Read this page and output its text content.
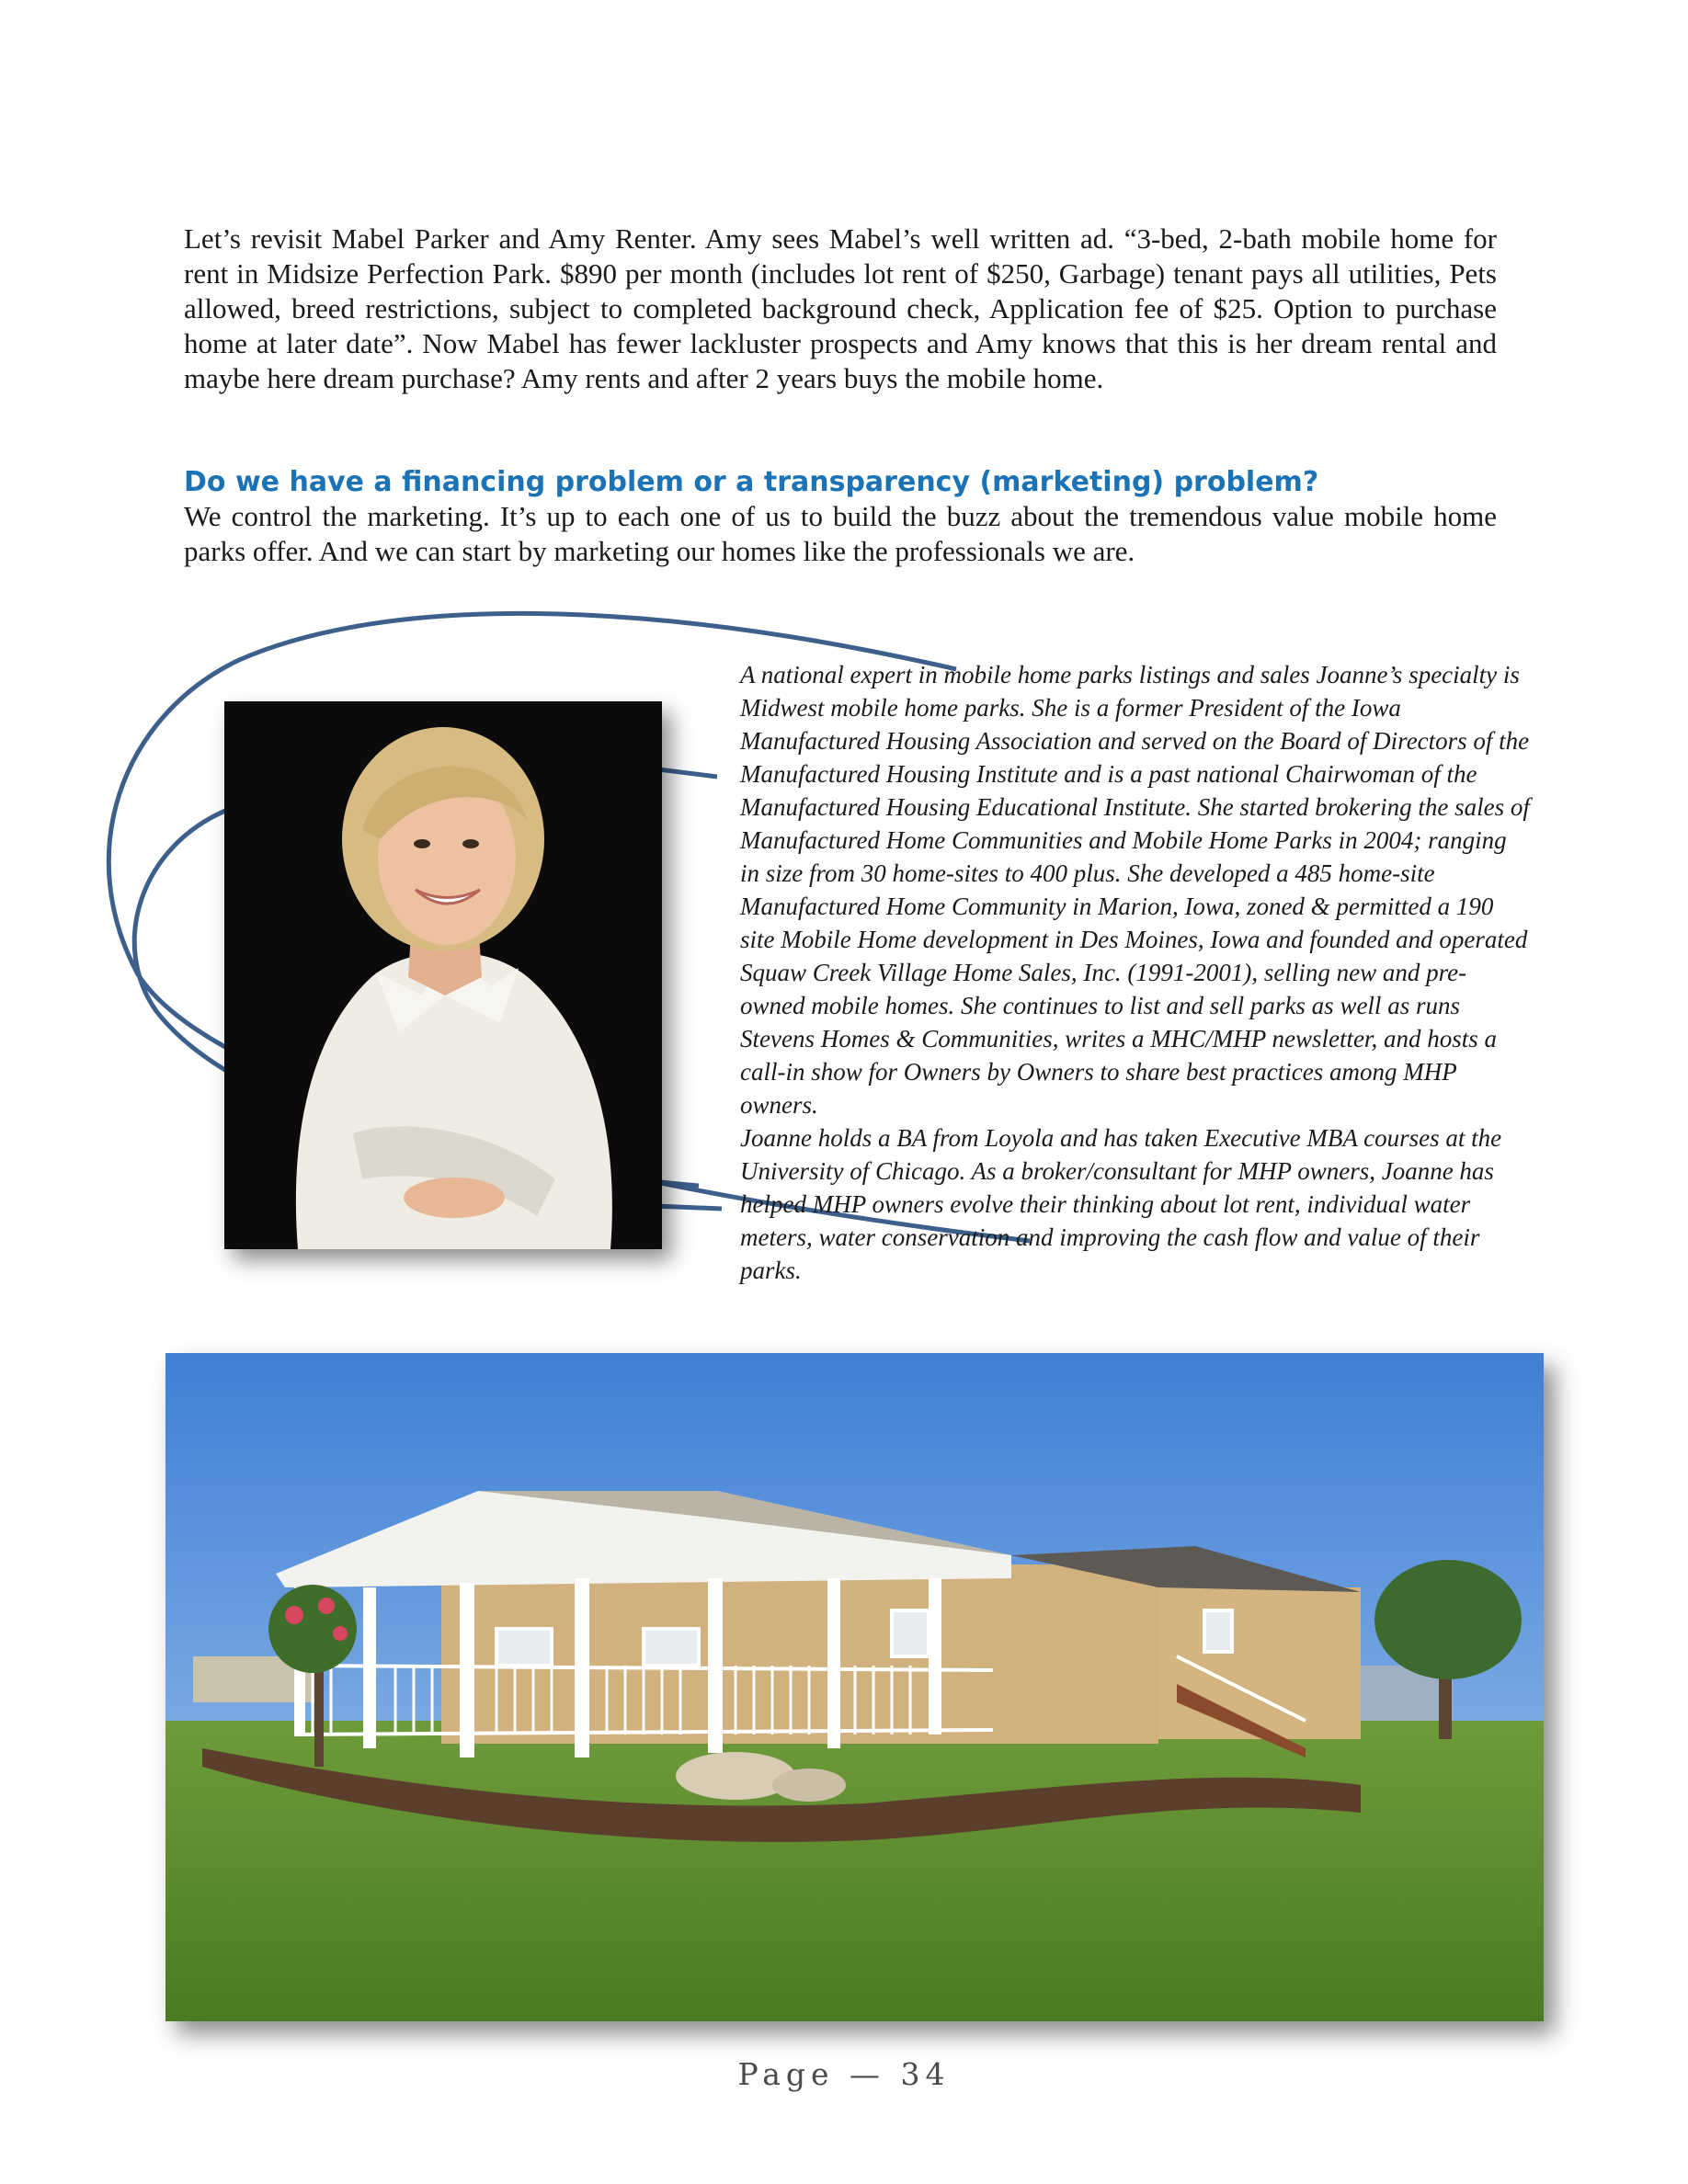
Let’s revisit Mabel Parker and Amy Renter. Amy sees Mabel’s well written ad. “3-bed, 2-bath mobile home for rent in Midsize Perfection Park. $890 per month (includes lot rent of $250, Garbage) tenant pays all utilities, Pets allowed, breed restrictions, subject to completed background check, Application fee of $25. Option to purchase home at later date”. Now Mabel has fewer lackluster prospects and Amy knows that this is her dream rental and maybe here dream purchase? Amy rents and after 2 years buys the mobile home.

Do we have a financing problem or a transparency (marketing) problem?

We control the marketing. It’s up to each one of us to build the buzz about the tremendous value mobile home parks offer. And we can start by marketing our homes like the professionals we are.

A national expert in mobile home parks listings and sales Joanne’s specialty is Midwest mobile home parks. She is a former President of the Iowa Manufactured Housing Association and served on the Board of Directors of the Manufactured Housing Institute and is a past national Chairwoman of the Manufactured Housing Educational Institute. She started brokering the sales of Manufactured Home Communities and Mobile Home Parks in 2004; ranging in size from 30 home-sites to 400 plus. She developed a 485 home-site Manufactured Home Community in Marion, Iowa, zoned & permitted a 190 site Mobile Home development in Des Moines, Iowa and founded and operated Squaw Creek Village Home Sales, Inc. (1991-2001), selling new and pre-owned mobile homes. She continues to list and sell parks as well as runs Stevens Homes & Communities, writes a MHC/MHP newsletter, and hosts a call-in show for Owners by Owners to share best practices among MHP owners.

Joanne holds a BA from Loyola and has taken Executive MBA courses at the University of Chicago. As a broker/consultant for MHP owners, Joanne has helped MHP owners evolve their thinking about lot rent, individual water meters, water conservation and improving the cash flow and value of their parks.

Page — 34
